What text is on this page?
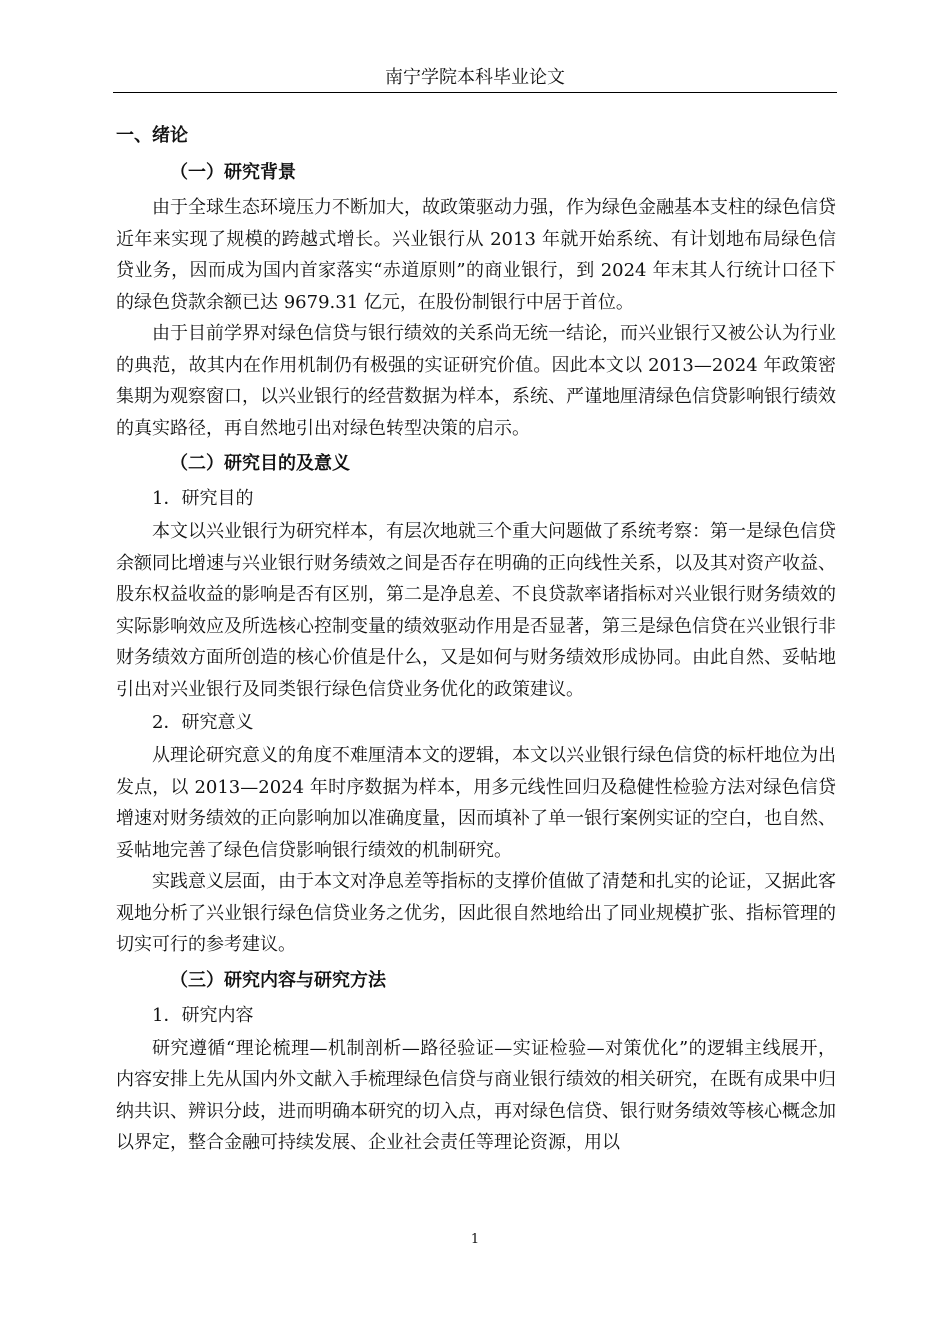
南宁学院本科毕业论文

一、绪论

（一）研究背景

由于全球生态环境压力不断加大，故政策驱动力强，作为绿色金融基本支柱的绿色信贷近年来实现了规模的跨越式增长。兴业银行从 2013 年就开始系统、有计划地布局绿色信贷业务，因而成为国内首家落实“赤道原则”的商业银行，到 2024 年末其人行统计口径下的绿色贷款余额已达 9679.31 亿元，在股份制银行中居于首位。

由于目前学界对绿色信贷与银行绩效的关系尚无统一结论，而兴业银行又被公认为行业的典范，故其内在作用机制仍有极强的实证研究价值。因此本文以 2013—2024 年政策密集期为观察窗口，以兴业银行的经营数据为样本，系统、严谨地厘清绿色信贷影响银行绩效的真实路径，再自然地引出对绿色转型决策的启示。

（二）研究目的及意义

1．研究目的

本文以兴业银行为研究样本，有层次地就三个重大问题做了系统考察：第一是绿色信贷余额同比增速与兴业银行财务绩效之间是否存在明确的正向线性关系，以及其对资产收益、股东权益收益的影响是否有区别，第二是净息差、不良贷款率诸指标对兴业银行财务绩效的实际影响效应及所选核心控制变量的绩效驱动作用是否显著，第三是绿色信贷在兴业银行非财务绩效方面所创造的核心价值是什么，又是如何与财务绩效形成协同。由此自然、妥帖地引出对兴业银行及同类银行绿色信贷业务优化的政策建议。

2．研究意义

从理论研究意义的角度不难厘清本文的逻辑，本文以兴业银行绿色信贷的标杆地位为出发点，以 2013—2024 年时序数据为样本，用多元线性回归及稳健性检验方法对绿色信贷增速对财务绩效的正向影响加以准确度量，因而填补了单一银行案例实证的空白，也自然、妥帖地完善了绿色信贷影响银行绩效的机制研究。

实践意义层面，由于本文对净息差等指标的支撑价值做了清楚和扎实的论证，又据此客观地分析了兴业银行绿色信贷业务之优劣，因此很自然地给出了同业规模扩张、指标管理的切实可行的参考建议。

（三）研究内容与研究方法

1．研究内容

研究遵循“理论梳理—机制剖析—路径验证—实证检验—对策优化”的逻辑主线展开，内容安排上先从国内外文献入手梳理绿色信贷与商业银行绩效的相关研究，在既有成果中归纳共识、辨识分歧，进而明确本研究的切入点，再对绿色信贷、银行财务绩效等核心概念加以界定，整合金融可持续发展、企业社会责任等理论资源，用以

1
